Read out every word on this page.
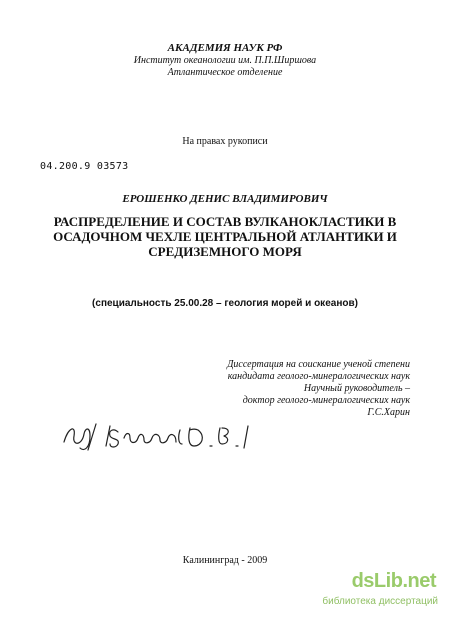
АКАДЕМИЯ НАУК РФ
Институт океанологии им. П.П.Ширшова
Атлантическое отделение
На правах рукописи
04.200.9 03573
ЕРОШЕНКО ДЕНИС ВЛАДИМИРОВИЧ
РАСПРЕДЕЛЕНИЕ И СОСТАВ ВУЛКАНОКЛАСТИКИ В
ОСАДОЧНОМ ЧЕХЛЕ ЦЕНТРАЛЬНОЙ АТЛАНТИКИ И
СРЕДИЗЕМНОГО МОРЯ
(специальность 25.00.28 – геология морей и океанов)
Диссертация на соискание ученой степени
кандидата геолого-минералогических наук
Научный руководитель –
доктор геолого-минералогических наук
Г.С.Харин
Калининград - 2009
dsLib.net
библиотека диссертаций
